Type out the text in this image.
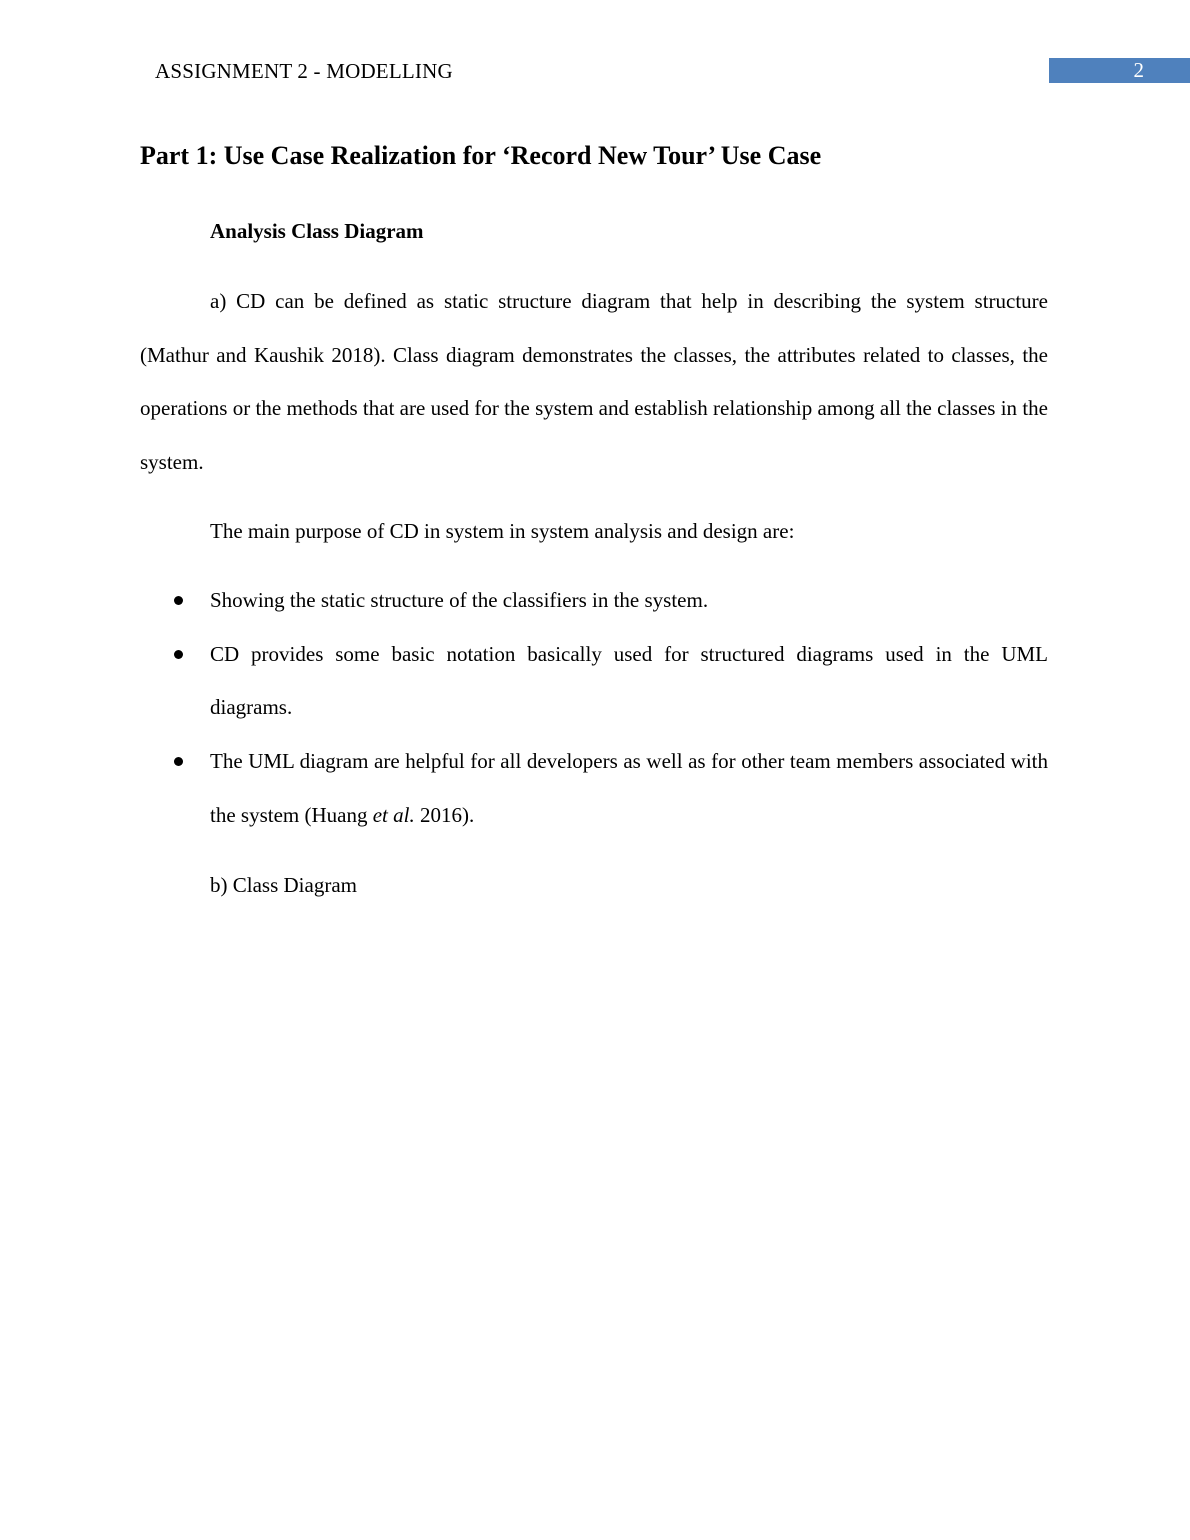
ASSIGNMENT 2 - MODELLING	2
Part 1: Use Case Realization for ‘Record New Tour’ Use Case
Analysis Class Diagram

a) CD can be defined as static structure diagram that help in describing the system structure (Mathur and Kaushik 2018). Class diagram demonstrates the classes, the attributes related to classes, the operations or the methods that are used for the system and establish relationship among all the classes in the system.

The main purpose of CD in system in system analysis and design are:

Showing the static structure of the classifiers in the system.
CD provides some basic notation basically used for structured diagrams used in the UML diagrams.
The UML diagram are helpful for all developers as well as for other team members associated with the system (Huang et al. 2016).
b) Class Diagram
